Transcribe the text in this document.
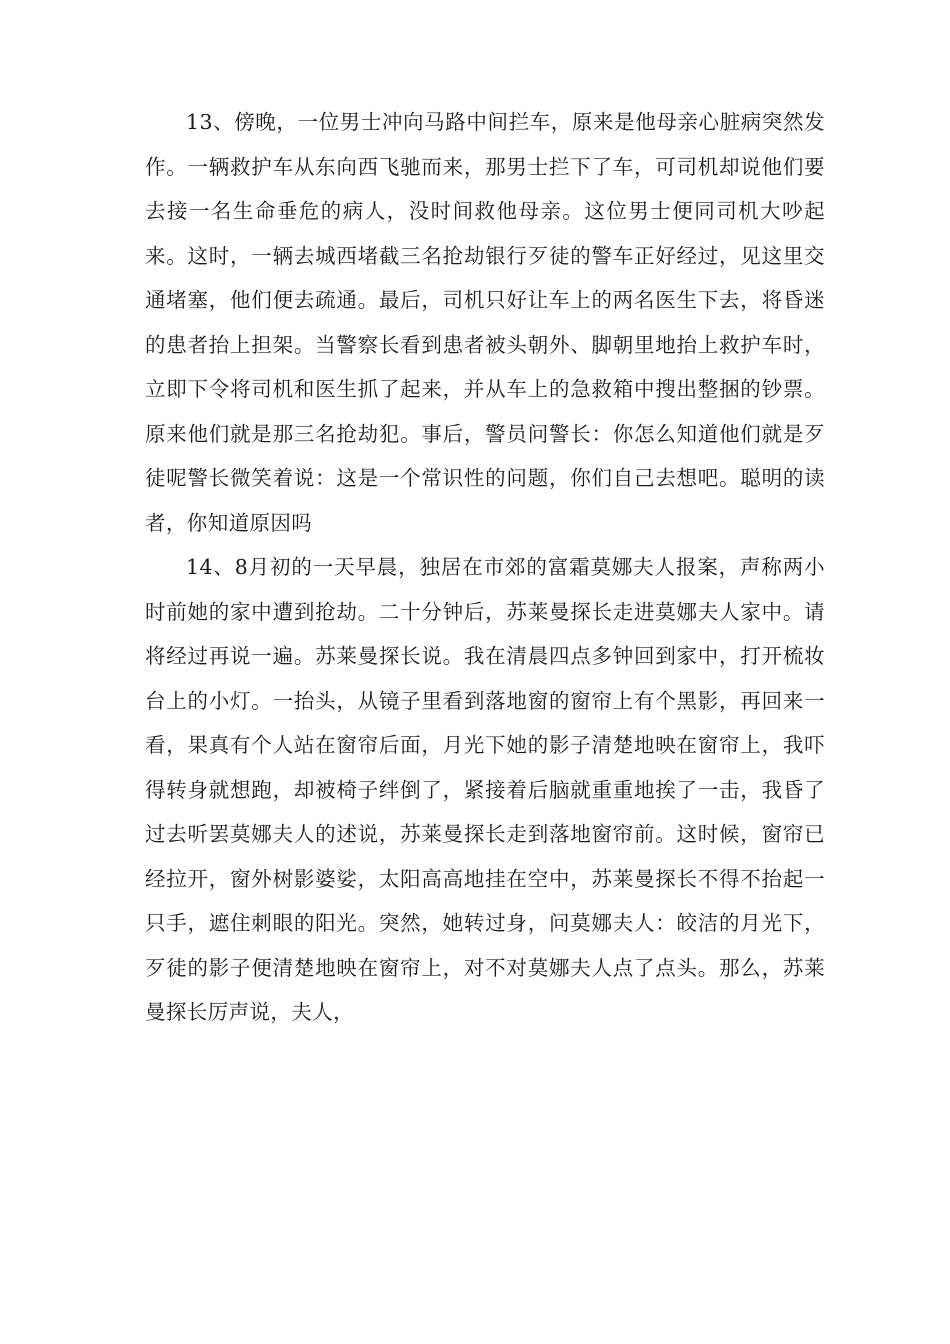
13、傍晚，一位男士冲向马路中间拦车，原来是他母亲心脏病突然发作。一辆救护车从东向西飞驰而来，那男士拦下了车，可司机却说他们要去接一名生命垂危的病人，没时间救他母亲。这位男士便同司机大吵起来。这时，一辆去城西堵截三名抢劫银行歹徒的警车正好经过，见这里交通堵塞，他们便去疏通。最后，司机只好让车上的两名医生下去，将昏迷的患者抬上担架。当警察长看到患者被头朝外、脚朝里地抬上救护车时，立即下令将司机和医生抓了起来，并从车上的急救箱中搜出整捆的钞票。原来他们就是那三名抢劫犯。事后，警员问警长：你怎么知道他们就是歹徒呢警长微笑着说：这是一个常识性的问题，你们自己去想吧。聪明的读者，你知道原因吗

14、8月初的一天早晨，独居在市郊的富霜莫娜夫人报案，声称两小时前她的家中遭到抢劫。二十分钟后，苏莱曼探长走进莫娜夫人家中。请将经过再说一遍。苏莱曼探长说。我在清晨四点多钟回到家中，打开梳妆台上的小灯。一抬头，从镜子里看到落地窗的窗帘上有个黑影，再回来一看，果真有个人站在窗帘后面，月光下她的影子清楚地映在窗帘上，我吓得转身就想跑，却被椅子绊倒了，紧接着后脑就重重地挨了一击，我昏了过去听罢莫娜夫人的述说，苏莱曼探长走到落地窗帘前。这时候，窗帘已经拉开，窗外树影婆娑，太阳高高地挂在空中，苏莱曼探长不得不抬起一只手，遮住刺眼的阳光。突然，她转过身，问莫娜夫人：皎洁的月光下，歹徒的影子便清楚地映在窗帘上，对不对莫娜夫人点了点头。那么，苏莱曼探长厉声说，夫人，
